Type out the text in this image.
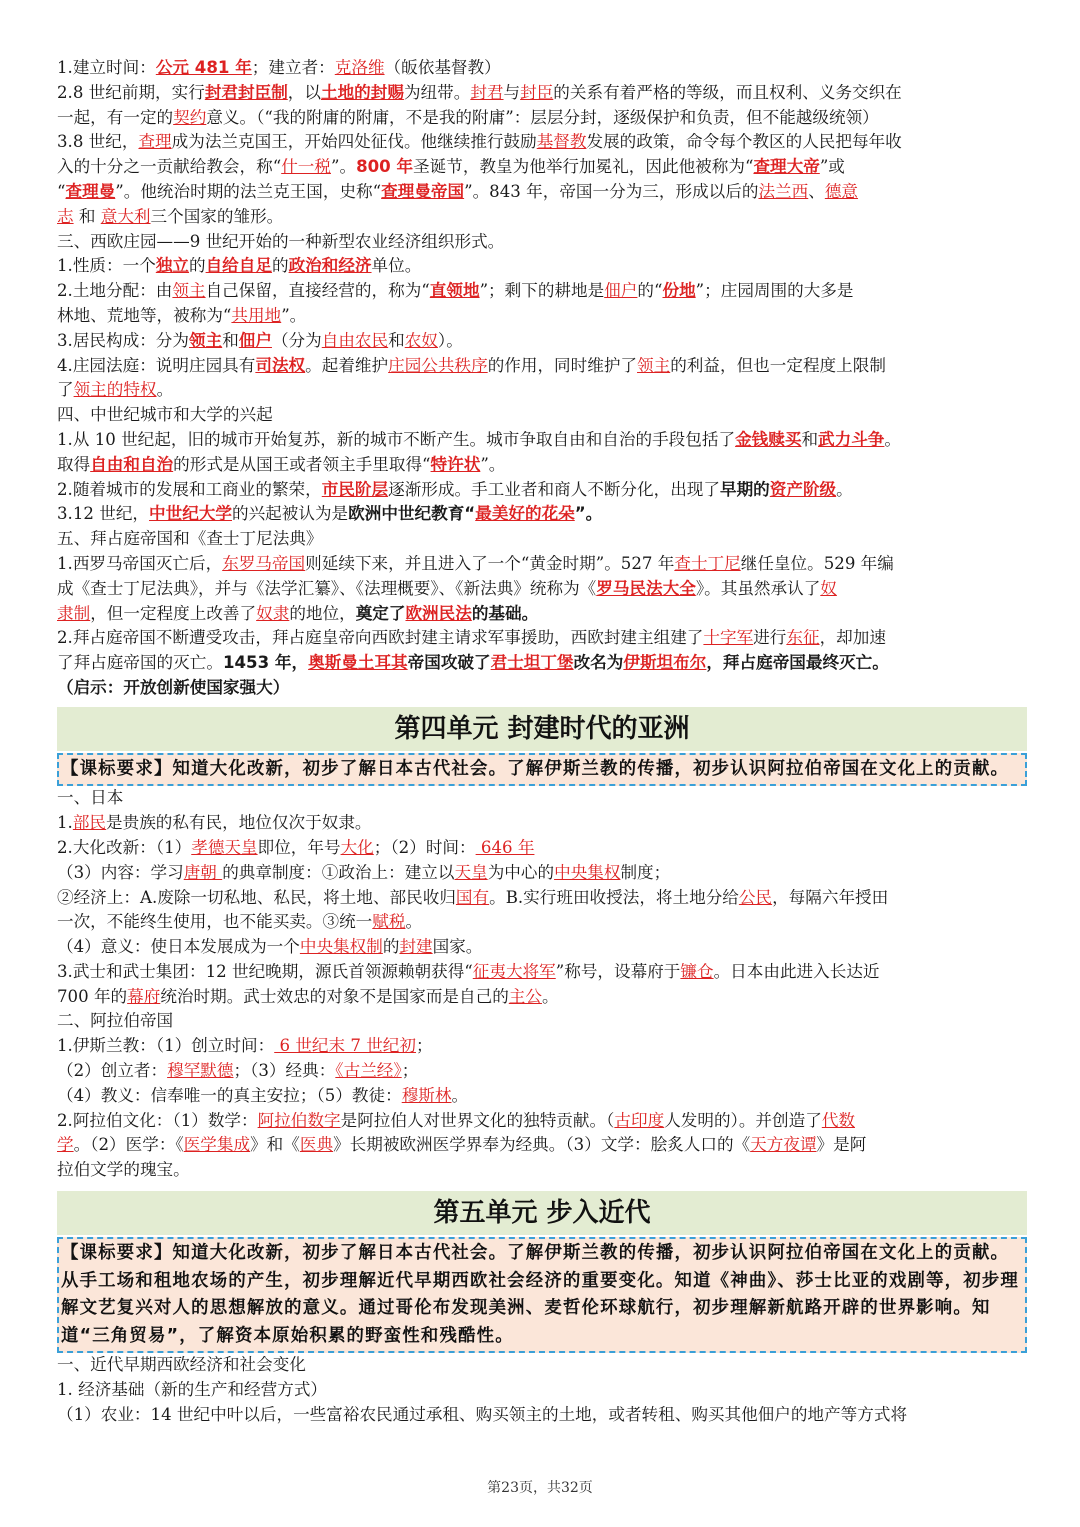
1.建立时间：公元 481 年；建立者：克洛维（皈依基督教）
2.8 世纪前期，实行封君封臣制，以土地的封赐为纽带。封君与封臣的关系有着严格的等级，而且权利、义务交织在
一起，有一定的契约意义。（“我的附庸的附庸，不是我的附庸”：层层分封，逐级保护和负责，但不能越级统领）
3.8 世纪，查理成为法兰克国王，开始四处征伐。他继续推行鼓励基督教发展的政策，命令每个教区的人民把每年收
入的十分之一贡献给教会，称“什一税”。800 年圣诞节，教皇为他举行加冕礼，因此他被称为“查理大帝”或
“查理曼”。他统治时期的法兰克王国，史称“查理曼帝国”。843 年，帝国一分为三，形成以后的法兰西、德意
志 和 意大利三个国家的雏形。
三、西欧庄园——9 世纪开始的一种新型农业经济组织形式。
1.性质：一个独立的自给自足的政治和经济单位。
2.土地分配：由领主自己保留，直接经营的，称为“直领地”；剩下的耕地是佃户的“份地”；庄园周围的大多是
林地、荒地等，被称为“共用地”。
3.居民构成：分为领主和佃户（分为自由农民和农奴）。
4.庄园法庭：说明庄园具有司法权。起着维护庄园公共秩序的作用，同时维护了领主的利益，但也一定程度上限制
了领主的特权。
四、中世纪城市和大学的兴起
1.从 10 世纪起，旧的城市开始复苏，新的城市不断产生。城市争取自由和自治的手段包括了金钱赎买和武力斗争。
取得自由和自治的形式是从国王或者领主手里取得“特许状”。
2.随着城市的发展和工商业的繁荣，市民阶层逐渐形成。手工业者和商人不断分化，出现了早期的资产阶级。
3.12 世纪，中世纪大学的兴起被认为是欧洲中世纪教育“最美好的花朵”。
五、拜占庭帝国和《查士丁尼法典》
1.西罗马帝国灭亡后，东罗马帝国则延续下来，并且进入了一个“黄金时期”。527 年查士丁尼继任皇位。529 年编
成《查士丁尼法典》，并与《法学汇纂》、《法理概要》、《新法典》统称为《罗马民法大全》。其虽然承认了奴
隶制，但一定程度上改善了奴隶的地位，奠定了欧洲民法的基础。
2.拜占庭帝国不断遭受攻击，拜占庭皇帝向西欧封建主请求军事援助，西欧封建主组建了十字军进行东征，却加速
了拜占庭帝国的灭亡。1453 年，奥斯曼土耳其帝国攻破了君士坦丁堡改名为伊斯坦布尔，拜占庭帝国最终灭亡。
（启示：开放创新使国家强大）
第四单元 封建时代的亚洲
【课标要求】知道大化改新，初步了解日本古代社会。了解伊斯兰教的传播，初步认识阿拉伯帝国在文化上的贡献。
一、日本
1.部民是贵族的私有民，地位仅次于奴隶。
2.大化改新：（1）孝德天皇即位，年号大化；（2）时间： 646 年
（3）内容：学习唐朝 的典章制度：①政治上：建立以天皇为中心的中央集权制度；
②经济上：A.废除一切私地、私民，将土地、部民收归国有。B.实行班田收授法，将土地分给公民，每隔六年授田
一次，不能终生使用，也不能买卖。③统一赋税。
（4）意义：使日本发展成为一个中央集权制的封建国家。
3.武士和武士集团：12 世纪晚期，源氏首领源赖朝获得“征夷大将军”称号，设幕府于镰仓。日本由此进入长达近
700 年的幕府统治时期。武士效忠的对象不是国家而是自己的主公。
二、阿拉伯帝国
1.伊斯兰教：（1）创立时间： 6 世纪末 7 世纪初；
（2）创立者：穆罕默德；（3）经典：《古兰经》；
（4）教义：信奉唯一的真主安拉；（5）教徒：穆斯林。
2.阿拉伯文化：（1）数学：阿拉伯数字是阿拉伯人对世界文化的独特贡献。（古印度人发明的）。并创造了代数
学。（2）医学：《医学集成》和《医典》长期被欧洲医学界奉为经典。（3）文学：脍炙人口的《天方夜谭》是阿
拉伯文学的瑰宝。
第五单元 步入近代
【课标要求】知道大化改新，初步了解日本古代社会。了解伊斯兰教的传播，初步认识阿拉伯帝国在文化上的贡献。
从手工场和租地农场的产生，初步理解近代早期西欧社会经济的重要变化。知道《神曲》、莎士比亚的戏剧等，初步理解文艺复兴对人的思想解放的意义。通过哥伦布发现美洲、麦哲伦环球航行，初步理解新航路开辟的世界影响。知道“三角贸易”，了解资本原始积累的野蛮性和残酷性。
一、近代早期西欧经济和社会变化
1. 经济基础（新的生产和经营方式）
（1）农业：14 世纪中叶以后，一些富裕农民通过承租、购买领主的土地，或者转租、购买其他佃户的地产等方式将
第23页，共32页
